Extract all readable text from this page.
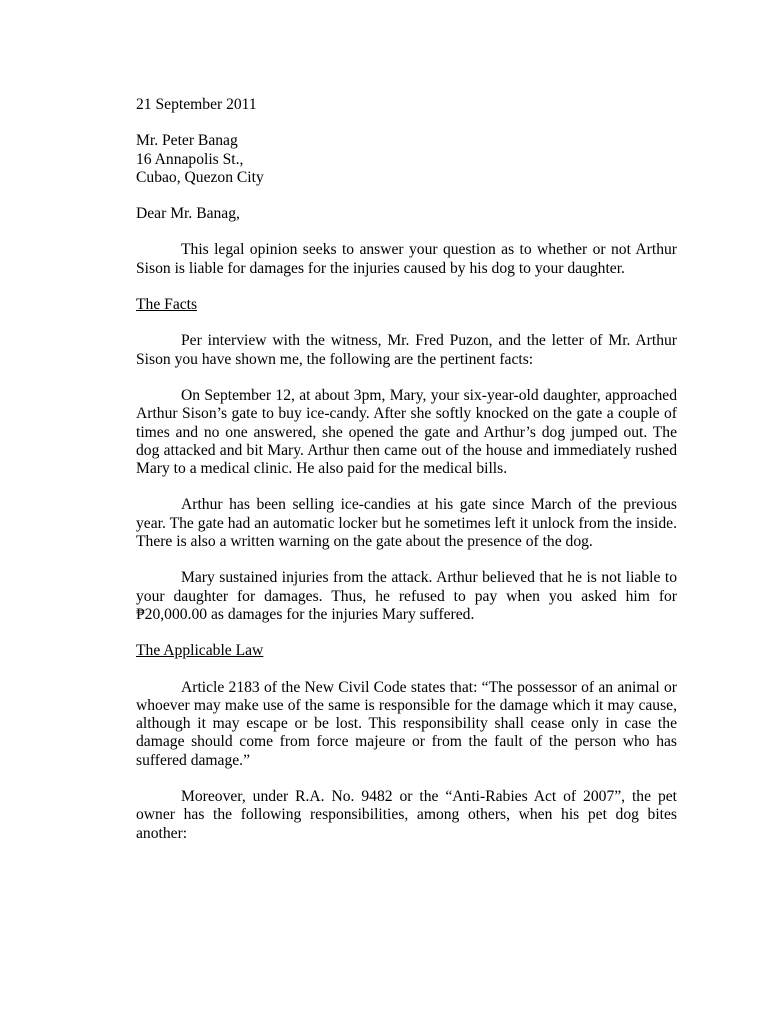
21 September 2011
Mr. Peter Banag
16 Annapolis St.,
Cubao, Quezon City
Dear Mr. Banag,

This legal opinion seeks to answer your question as to whether or not Arthur Sison is liable for damages for the injuries caused by his dog to your daughter.

The Facts

Per interview with the witness, Mr. Fred Puzon, and the letter of Mr. Arthur Sison you have shown me, the following are the pertinent facts:

On September 12, at about 3pm, Mary, your six-year-old daughter, approached Arthur Sison’s gate to buy ice-candy. After she softly knocked on the gate a couple of times and no one answered, she opened the gate and Arthur’s dog jumped out. The dog attacked and bit Mary. Arthur then came out of the house and immediately rushed Mary to a medical clinic. He also paid for the medical bills.

Arthur has been selling ice-candies at his gate since March of the previous year. The gate had an automatic locker but he sometimes left it unlock from the inside. There is also a written warning on the gate about the presence of the dog.

Mary sustained injuries from the attack. Arthur believed that he is not liable to your daughter for damages. Thus, he refused to pay when you asked him for ₱20,000.00 as damages for the injuries Mary suffered.

The Applicable Law

Article 2183 of the New Civil Code states that: “The possessor of an animal or whoever may make use of the same is responsible for the damage which it may cause, although it may escape or be lost. This responsibility shall cease only in case the damage should come from force majeure or from the fault of the person who has suffered damage.”

Moreover, under R.A. No. 9482 or the “Anti-Rabies Act of 2007”, the pet owner has the following responsibilities, among others, when his pet dog bites another:
